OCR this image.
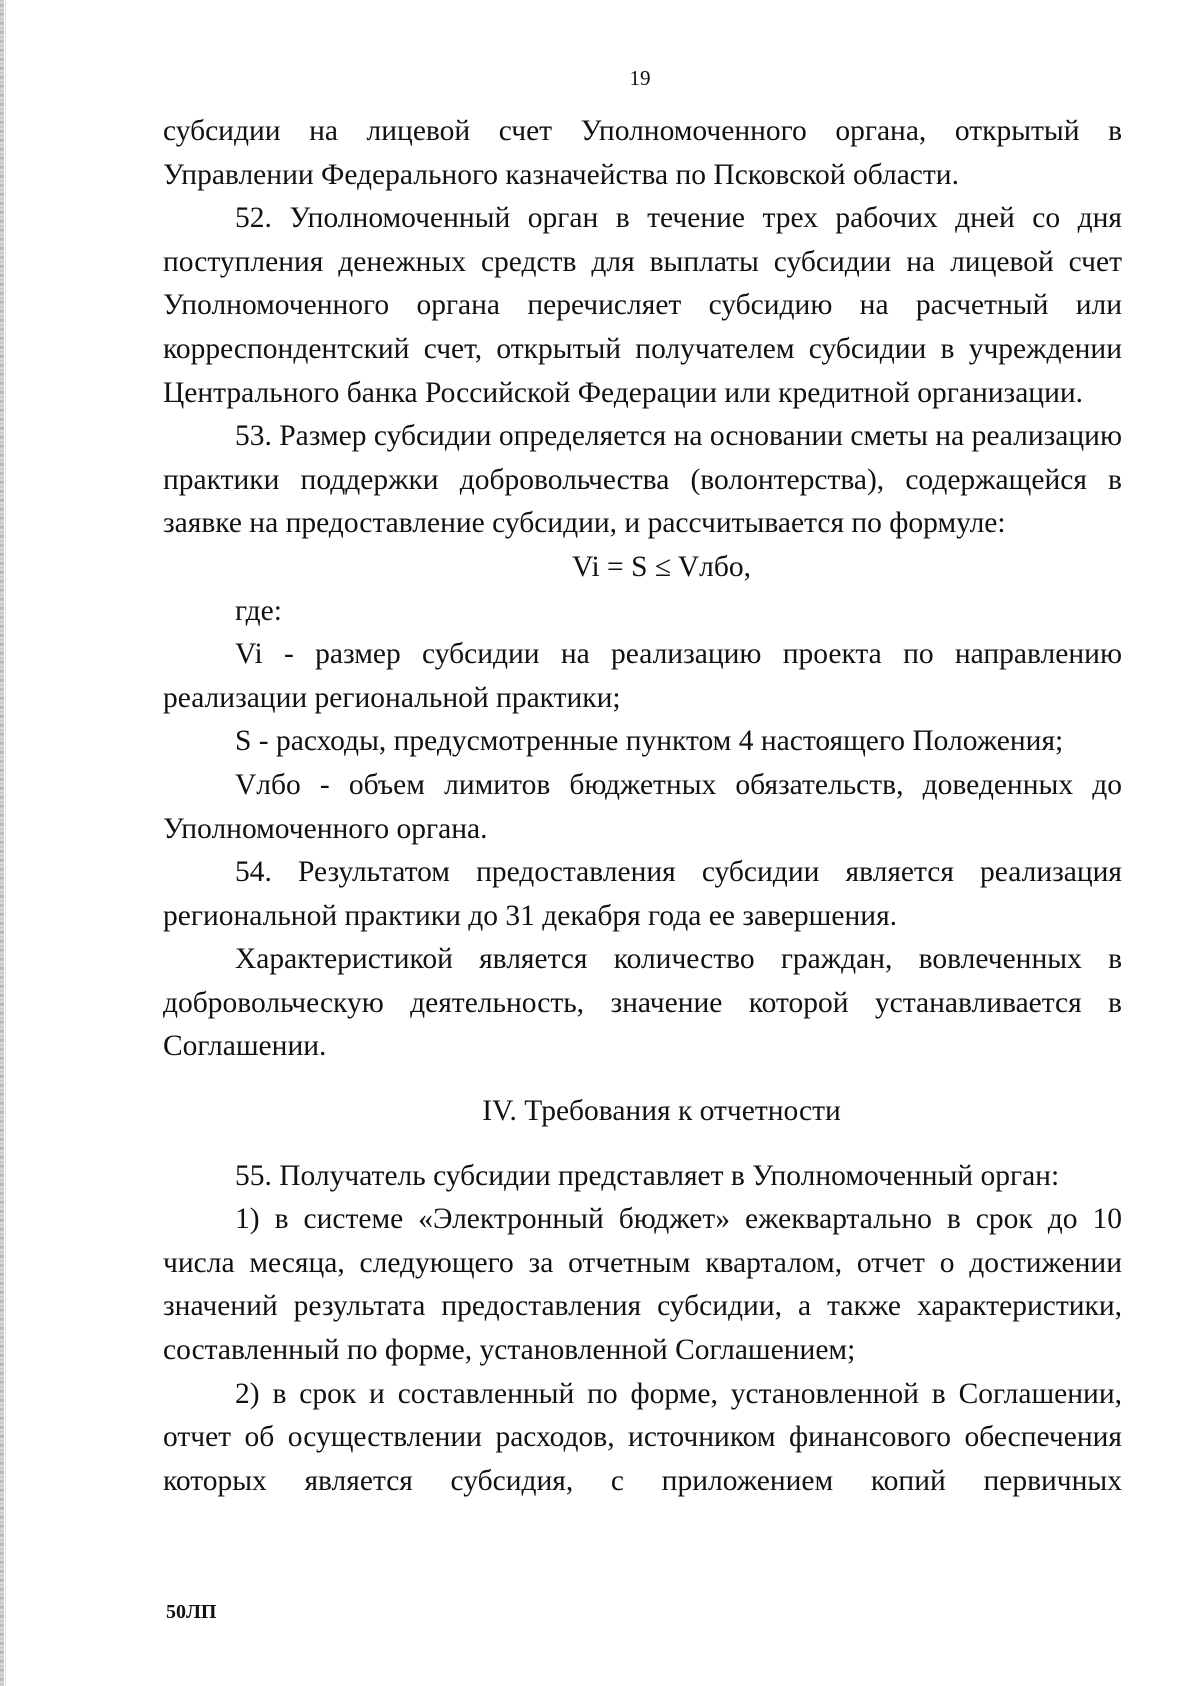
19

субсидии на лицевой счет Уполномоченного органа, открытый в Управлении Федерального казначейства по Псковской области.

52. Уполномоченный орган в течение трех рабочих дней со дня поступления денежных средств для выплаты субсидии на лицевой счет Уполномоченного органа перечисляет субсидию на расчетный или корреспондентский счет, открытый получателем субсидии в учреждении Центрального банка Российской Федерации или кредитной организации.

53. Размер субсидии определяется на основании сметы на реализацию практики поддержки добровольчества (волонтерства), содержащейся в заявке на предоставление субсидии, и рассчитывается по формуле:

Vi = S ≤ Vлбо,

где:

Vi - размер субсидии на реализацию проекта по направлению реализации региональной практики;

S - расходы, предусмотренные пунктом 4 настоящего Положения;

Vлбо - объем лимитов бюджетных обязательств, доведенных до Уполномоченного органа.

54. Результатом предоставления субсидии является реализация региональной практики до 31 декабря года ее завершения.

Характеристикой является количество граждан, вовлеченных в добровольческую деятельность, значение которой устанавливается в Соглашении.

IV. Требования к отчетности

55. Получатель субсидии представляет в Уполномоченный орган:

1) в системе «Электронный бюджет» ежеквартально в срок до 10 числа месяца, следующего за отчетным кварталом, отчет о достижении значений результата предоставления субсидии, а также характеристики, составленный по форме, установленной Соглашением;

2) в срок и составленный по форме, установленной в Соглашении, отчет об осуществлении расходов, источником финансового обеспечения которых является субсидия, с приложением копий первичных

50ЛП
